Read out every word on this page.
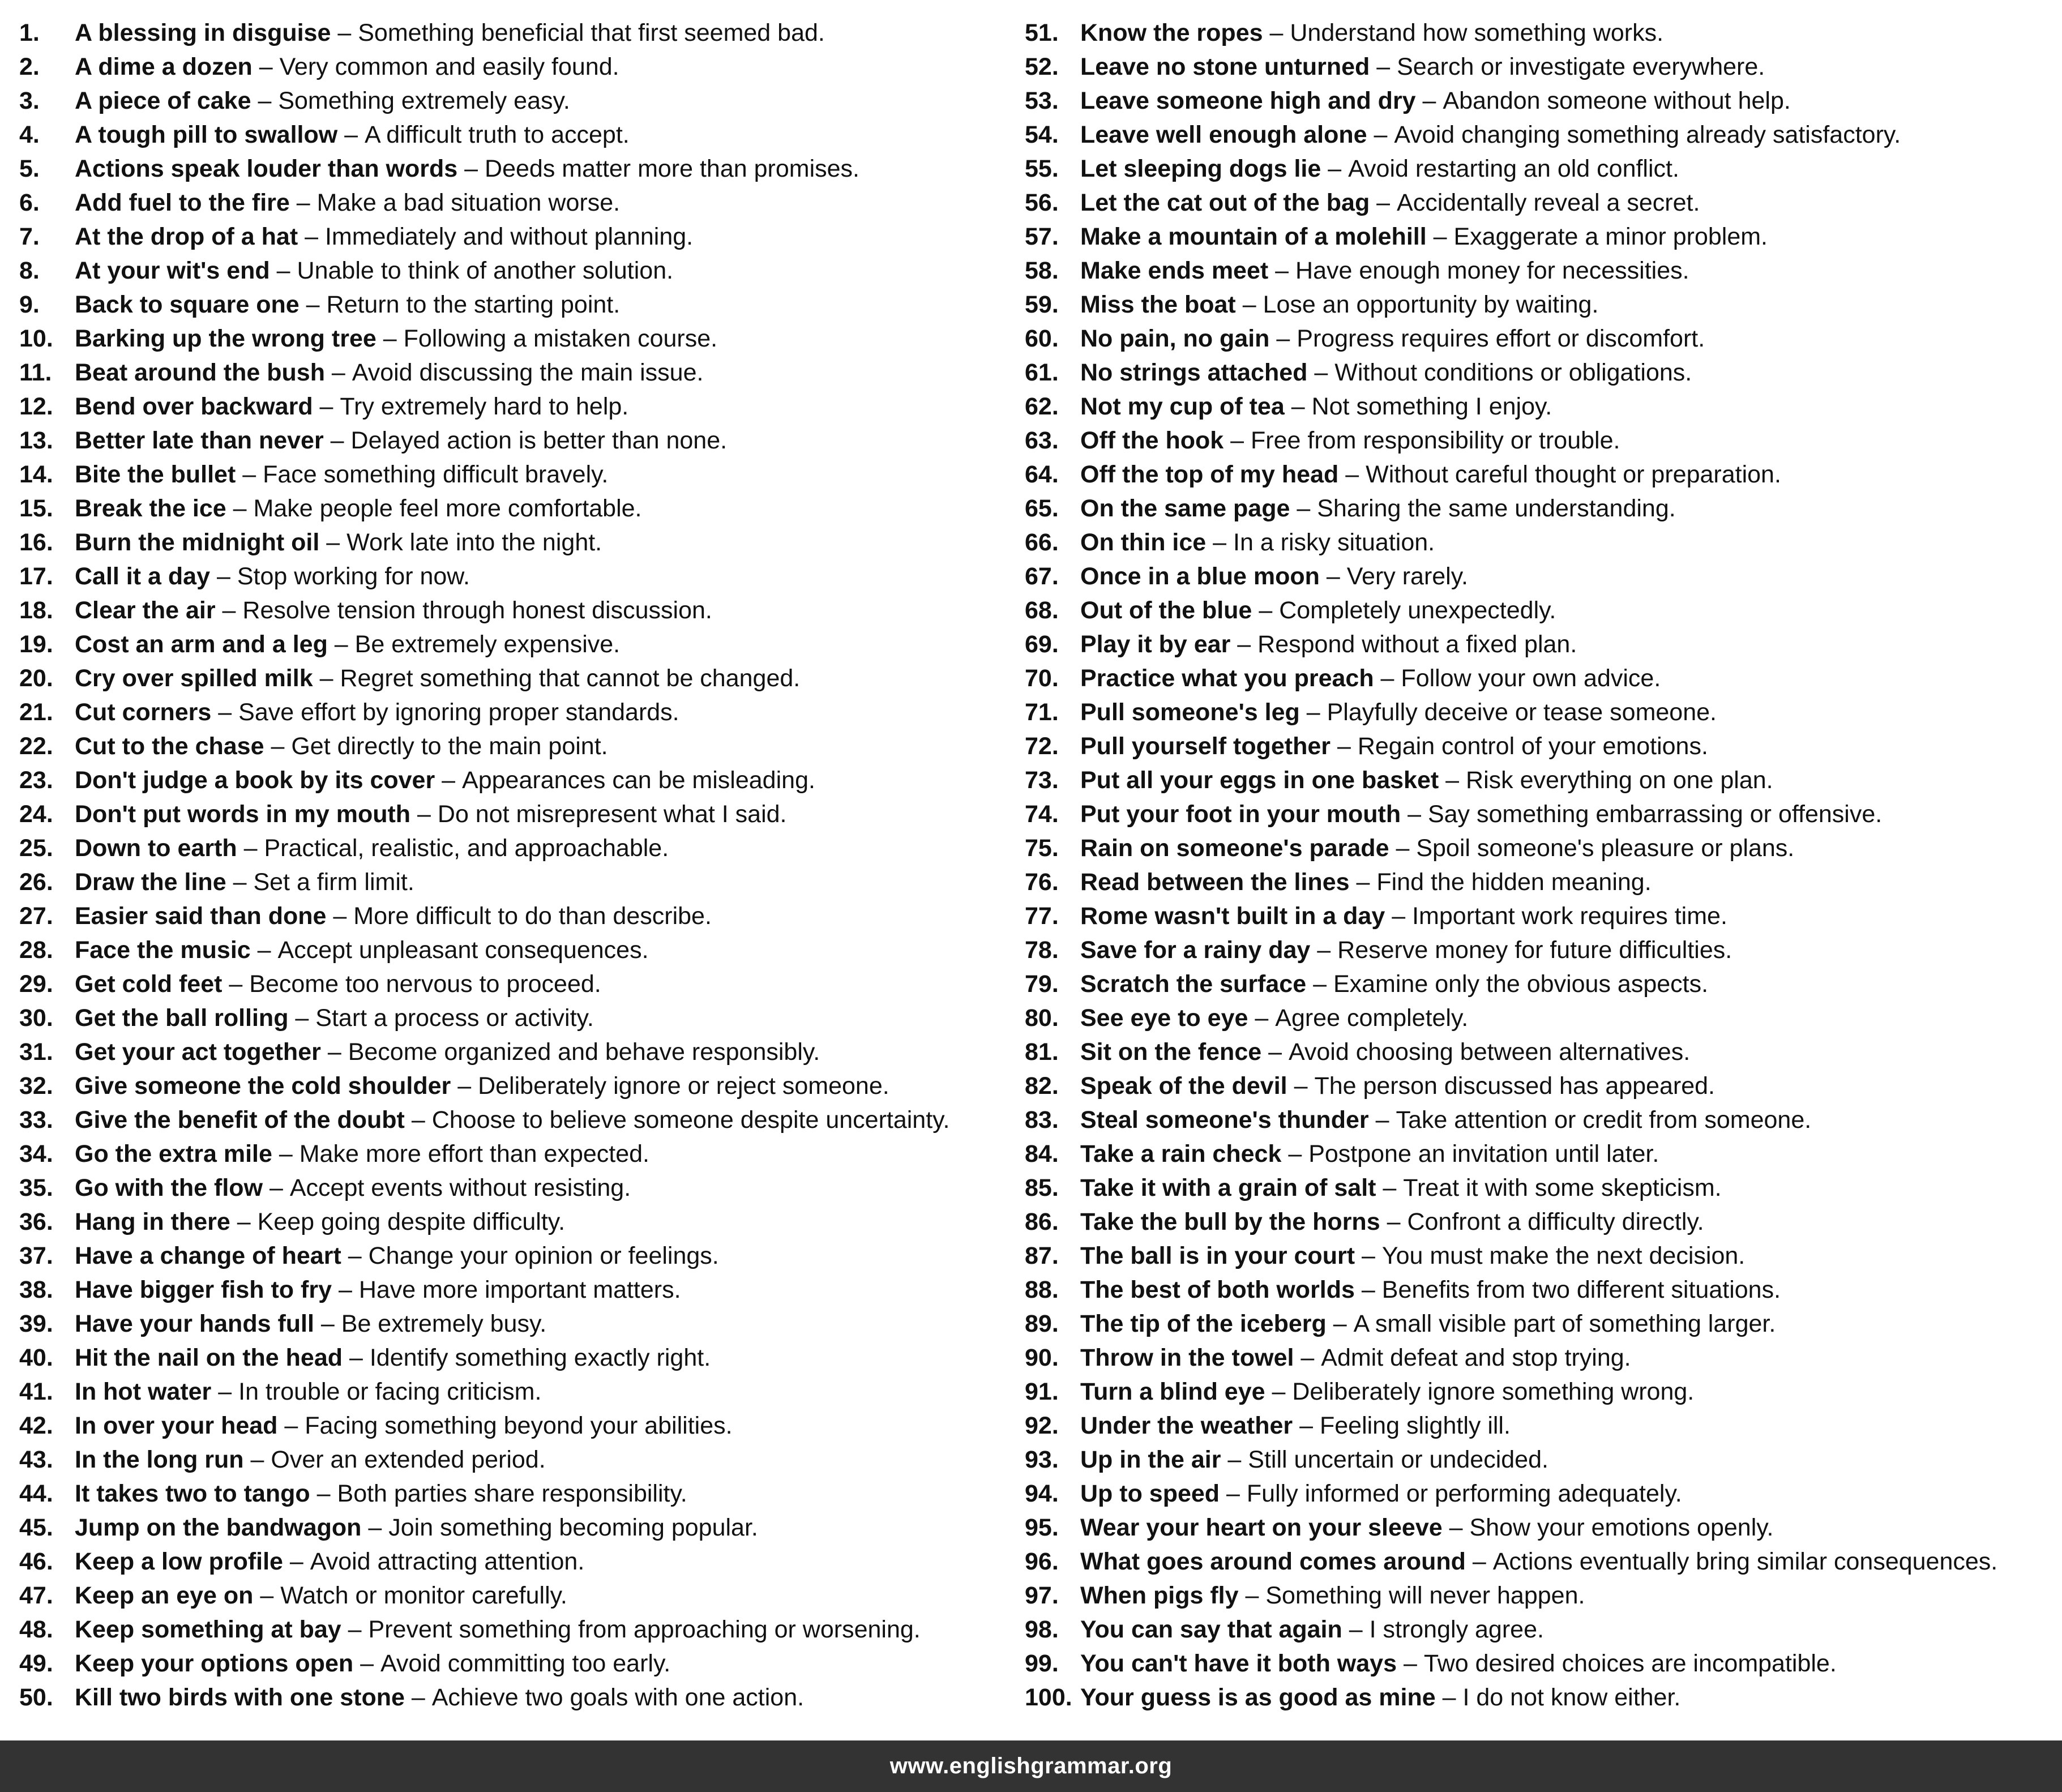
1.	A blessing in disguise
–
Something beneficial that first seemed bad.
2.	A dime a dozen
–
Very common and easily found.
3.	A piece of cake
–
Something extremely easy.
4.	A tough pill to swallow
–
A difficult truth to accept.
5.	Actions speak louder than words
–
Deeds matter more than promises.
6.	Add fuel to the fire
–
Make a bad situation worse.
7.	At the drop of a hat
–
Immediately and without planning.
8.	At your wit's end
–
Unable to think of another solution.
9.	Back to square one
–
Return to the starting point.
10. Barking up the wrong tree
–
Following a mistaken course.
11. Beat around the bush
–
Avoid discussing the main issue.
12. Bend over backward
–
Try extremely hard to help.
13. Better late than never
–
Delayed action is better than none.
14. Bite the bullet
–
Face something difficult bravely.
15. Break the ice
–
Make people feel more comfortable.
16. Burn the midnight oil
–
Work late into the night.
17. Call it a day
–
Stop working for now.
18. Clear the air
–
Resolve tension through honest discussion.
19. Cost an arm and a leg
–
Be extremely expensive.
20. Cry over spilled milk
–
Regret something that cannot be changed.
21. Cut corners
–
Save effort by ignoring proper standards.
22. Cut to the chase
–
Get directly to the main point.
23. Don't judge a book by its cover
–
Appearances can be misleading.
24. Don't put words in my mouth
–
Do not misrepresent what I said.
25. Down to earth
–
Practical, realistic, and approachable.
26. Draw the line
–
Set a firm limit.
27. Easier said than done
–
More difficult to do than describe.
28. Face the music
–
Accept unpleasant consequences.
29. Get cold feet
–
Become too nervous to proceed.
30. Get the ball rolling
–
Start a process or activity.
31. Get your act together
–
Become organized and behave responsibly.
32. Give someone the cold shoulder
–
Deliberately ignore or reject someone.
33. Give the benefit of the doubt
–
Choose to believe someone despite uncertainty.
34. Go the extra mile
–
Make more effort than expected.
35. Go with the flow
–
Accept events without resisting.
36. Hang in there
–
Keep going despite difficulty.
37. Have a change of heart
–
Change your opinion or feelings.
38. Have bigger fish to fry
–
Have more important matters.
39. Have your hands full
–
Be extremely busy.
40. Hit the nail on the head
–
Identify something exactly right.
41. In hot water
–
In trouble or facing criticism.
42. In over your head
–
Facing something beyond your abilities.
43. In the long run
–
Over an extended period.
44. It takes two to tango
–
Both parties share responsibility.
45. Jump on the bandwagon
–
Join something becoming popular.
46. Keep a low profile
–
Avoid attracting attention.
47. Keep an eye on
–
Watch or monitor carefully.
48. Keep something at bay
–
Prevent something from approaching or worsening.
49. Keep your options open
–
Avoid committing too early.
50. Kill two birds with one stone
–
Achieve two goals with one action.
51. Know the ropes
–
Understand how something works.
52. Leave no stone unturned
–
Search or investigate everywhere.
53. Leave someone high and dry
–
Abandon someone without help.
54. Leave well enough alone
–
Avoid changing something already satisfactory.
55. Let sleeping dogs lie
–
Avoid restarting an old conflict.
56. Let the cat out of the bag
–
Accidentally reveal a secret.
57. Make a mountain of a molehill
–
Exaggerate a minor problem.
58. Make ends meet
–
Have enough money for necessities.
59. Miss the boat
–
Lose an opportunity by waiting.
60. No pain, no gain
–
Progress requires effort or discomfort.
61. No strings attached
–
Without conditions or obligations.
62. Not my cup of tea
–
Not something I enjoy.
63. Off the hook
–
Free from responsibility or trouble.
64. Off the top of my head
–
Without careful thought or preparation.
65. On the same page
–
Sharing the same understanding.
66. On thin ice
–
In a risky situation.
67. Once in a blue moon
–
Very rarely.
68. Out of the blue
–
Completely unexpectedly.
69. Play it by ear
–
Respond without a fixed plan.
70. Practice what you preach
–
Follow your own advice.
71. Pull someone's leg
–
Playfully deceive or tease someone.
72. Pull yourself together
–
Regain control of your emotions.
73. Put all your eggs in one basket
–
Risk everything on one plan.
74. Put your foot in your mouth
–
Say something embarrassing or offensive.
75. Rain on someone's parade
–
Spoil someone's pleasure or plans.
76. Read between the lines
–
Find the hidden meaning.
77. Rome wasn't built in a day
–
Important work requires time.
78. Save for a rainy day
–
Reserve money for future difficulties.
79. Scratch the surface
–
Examine only the obvious aspects.
80. See eye to eye
–
Agree completely.
81. Sit on the fence
–
Avoid choosing between alternatives.
82. Speak of the devil
–
The person discussed has appeared.
83. Steal someone's thunder
–
Take attention or credit from someone.
84. Take a rain check
–
Postpone an invitation until later.
85. Take it with a grain of salt
–
Treat it with some skepticism.
86. Take the bull by the horns
–
Confront a difficulty directly.
87. The ball is in your court
–
You must make the next decision.
88. The best of both worlds
–
Benefits from two different situations.
89. The tip of the iceberg
–
A small visible part of something larger.
90. Throw in the towel
–
Admit defeat and stop trying.
91. Turn a blind eye
–
Deliberately ignore something wrong.
92. Under the weather
–
Feeling slightly ill.
93. Up in the air
–
Still uncertain or undecided.
94. Up to speed
–
Fully informed or performing adequately.
95. Wear your heart on your sleeve
–
Show your emotions openly.
96. What goes around comes around
–
Actions eventually bring similar consequences.
97. When pigs fly
–
Something will never happen.
98. You can say that again
–
I strongly agree.
99. You can't have it both ways
–
Two desired choices are incompatible.
100. Your guess is as good as mine
–
I do not know either.
www.englishgrammar.org
